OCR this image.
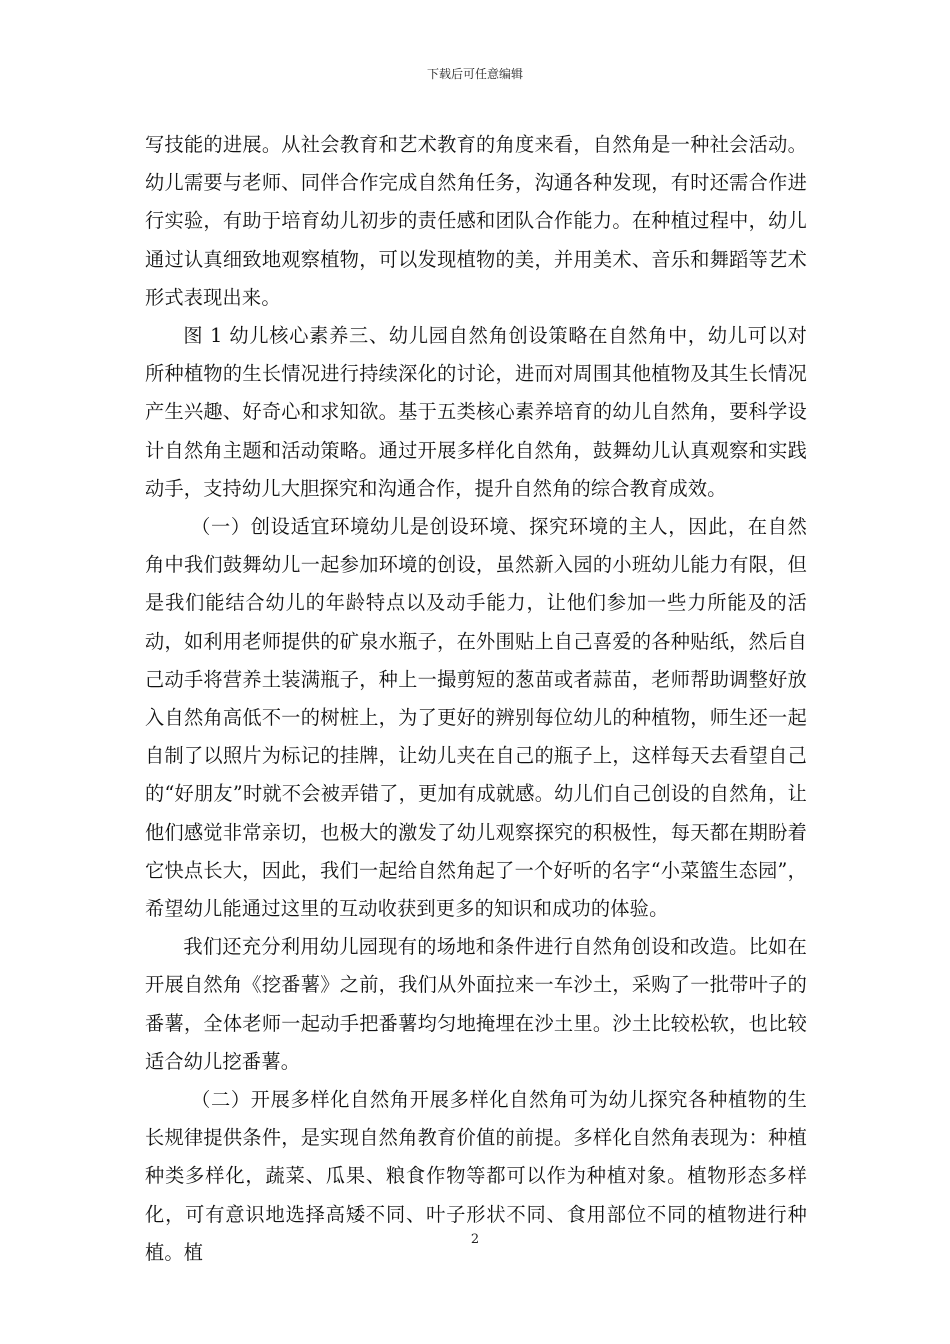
下载后可任意编辑

写技能的进展。从社会教育和艺术教育的角度来看，自然角是一种社会活动。幼儿需要与老师、同伴合作完成自然角任务，沟通各种发现，有时还需合作进行实验，有助于培育幼儿初步的责任感和团队合作能力。在种植过程中，幼儿通过认真细致地观察植物，可以发现植物的美，并用美术、音乐和舞蹈等艺术形式表现出来。

图 1 幼儿核心素养三、幼儿园自然角创设策略在自然角中，幼儿可以对所种植物的生长情况进行持续深化的讨论，进而对周围其他植物及其生长情况产生兴趣、好奇心和求知欲。基于五类核心素养培育的幼儿自然角，要科学设计自然角主题和活动策略。通过开展多样化自然角，鼓舞幼儿认真观察和实践动手，支持幼儿大胆探究和沟通合作，提升自然角的综合教育成效。

（一）创设适宜环境幼儿是创设环境、探究环境的主人，因此，在自然角中我们鼓舞幼儿一起参加环境的创设，虽然新入园的小班幼儿能力有限，但是我们能结合幼儿的年龄特点以及动手能力，让他们参加一些力所能及的活动，如利用老师提供的矿泉水瓶子，在外围贴上自己喜爱的各种贴纸，然后自己动手将营养土装满瓶子，种上一撮剪短的葱苗或者蒜苗，老师帮助调整好放入自然角高低不一的树桩上，为了更好的辨别每位幼儿的种植物，师生还一起自制了以照片为标记的挂牌，让幼儿夹在自己的瓶子上，这样每天去看望自己的“好朋友”时就不会被弄错了，更加有成就感。幼儿们自己创设的自然角，让他们感觉非常亲切，也极大的激发了幼儿观察探究的积极性，每天都在期盼着它快点长大，因此，我们一起给自然角起了一个好听的名字“小菜篮生态园”，希望幼儿能通过这里的互动收获到更多的知识和成功的体验。

我们还充分利用幼儿园现有的场地和条件进行自然角创设和改造。比如在开展自然角《挖番薯》之前，我们从外面拉来一车沙土，采购了一批带叶子的番薯，全体老师一起动手把番薯均匀地掩埋在沙土里。沙土比较松软，也比较适合幼儿挖番薯。

（二）开展多样化自然角开展多样化自然角可为幼儿探究各种植物的生长规律提供条件，是实现自然角教育价值的前提。多样化自然角表现为：种植种类多样化，蔬菜、瓜果、粮食作物等都可以作为种植对象。植物形态多样化，可有意识地选择高矮不同、叶子形状不同、食用部位不同的植物进行种植。植

2
